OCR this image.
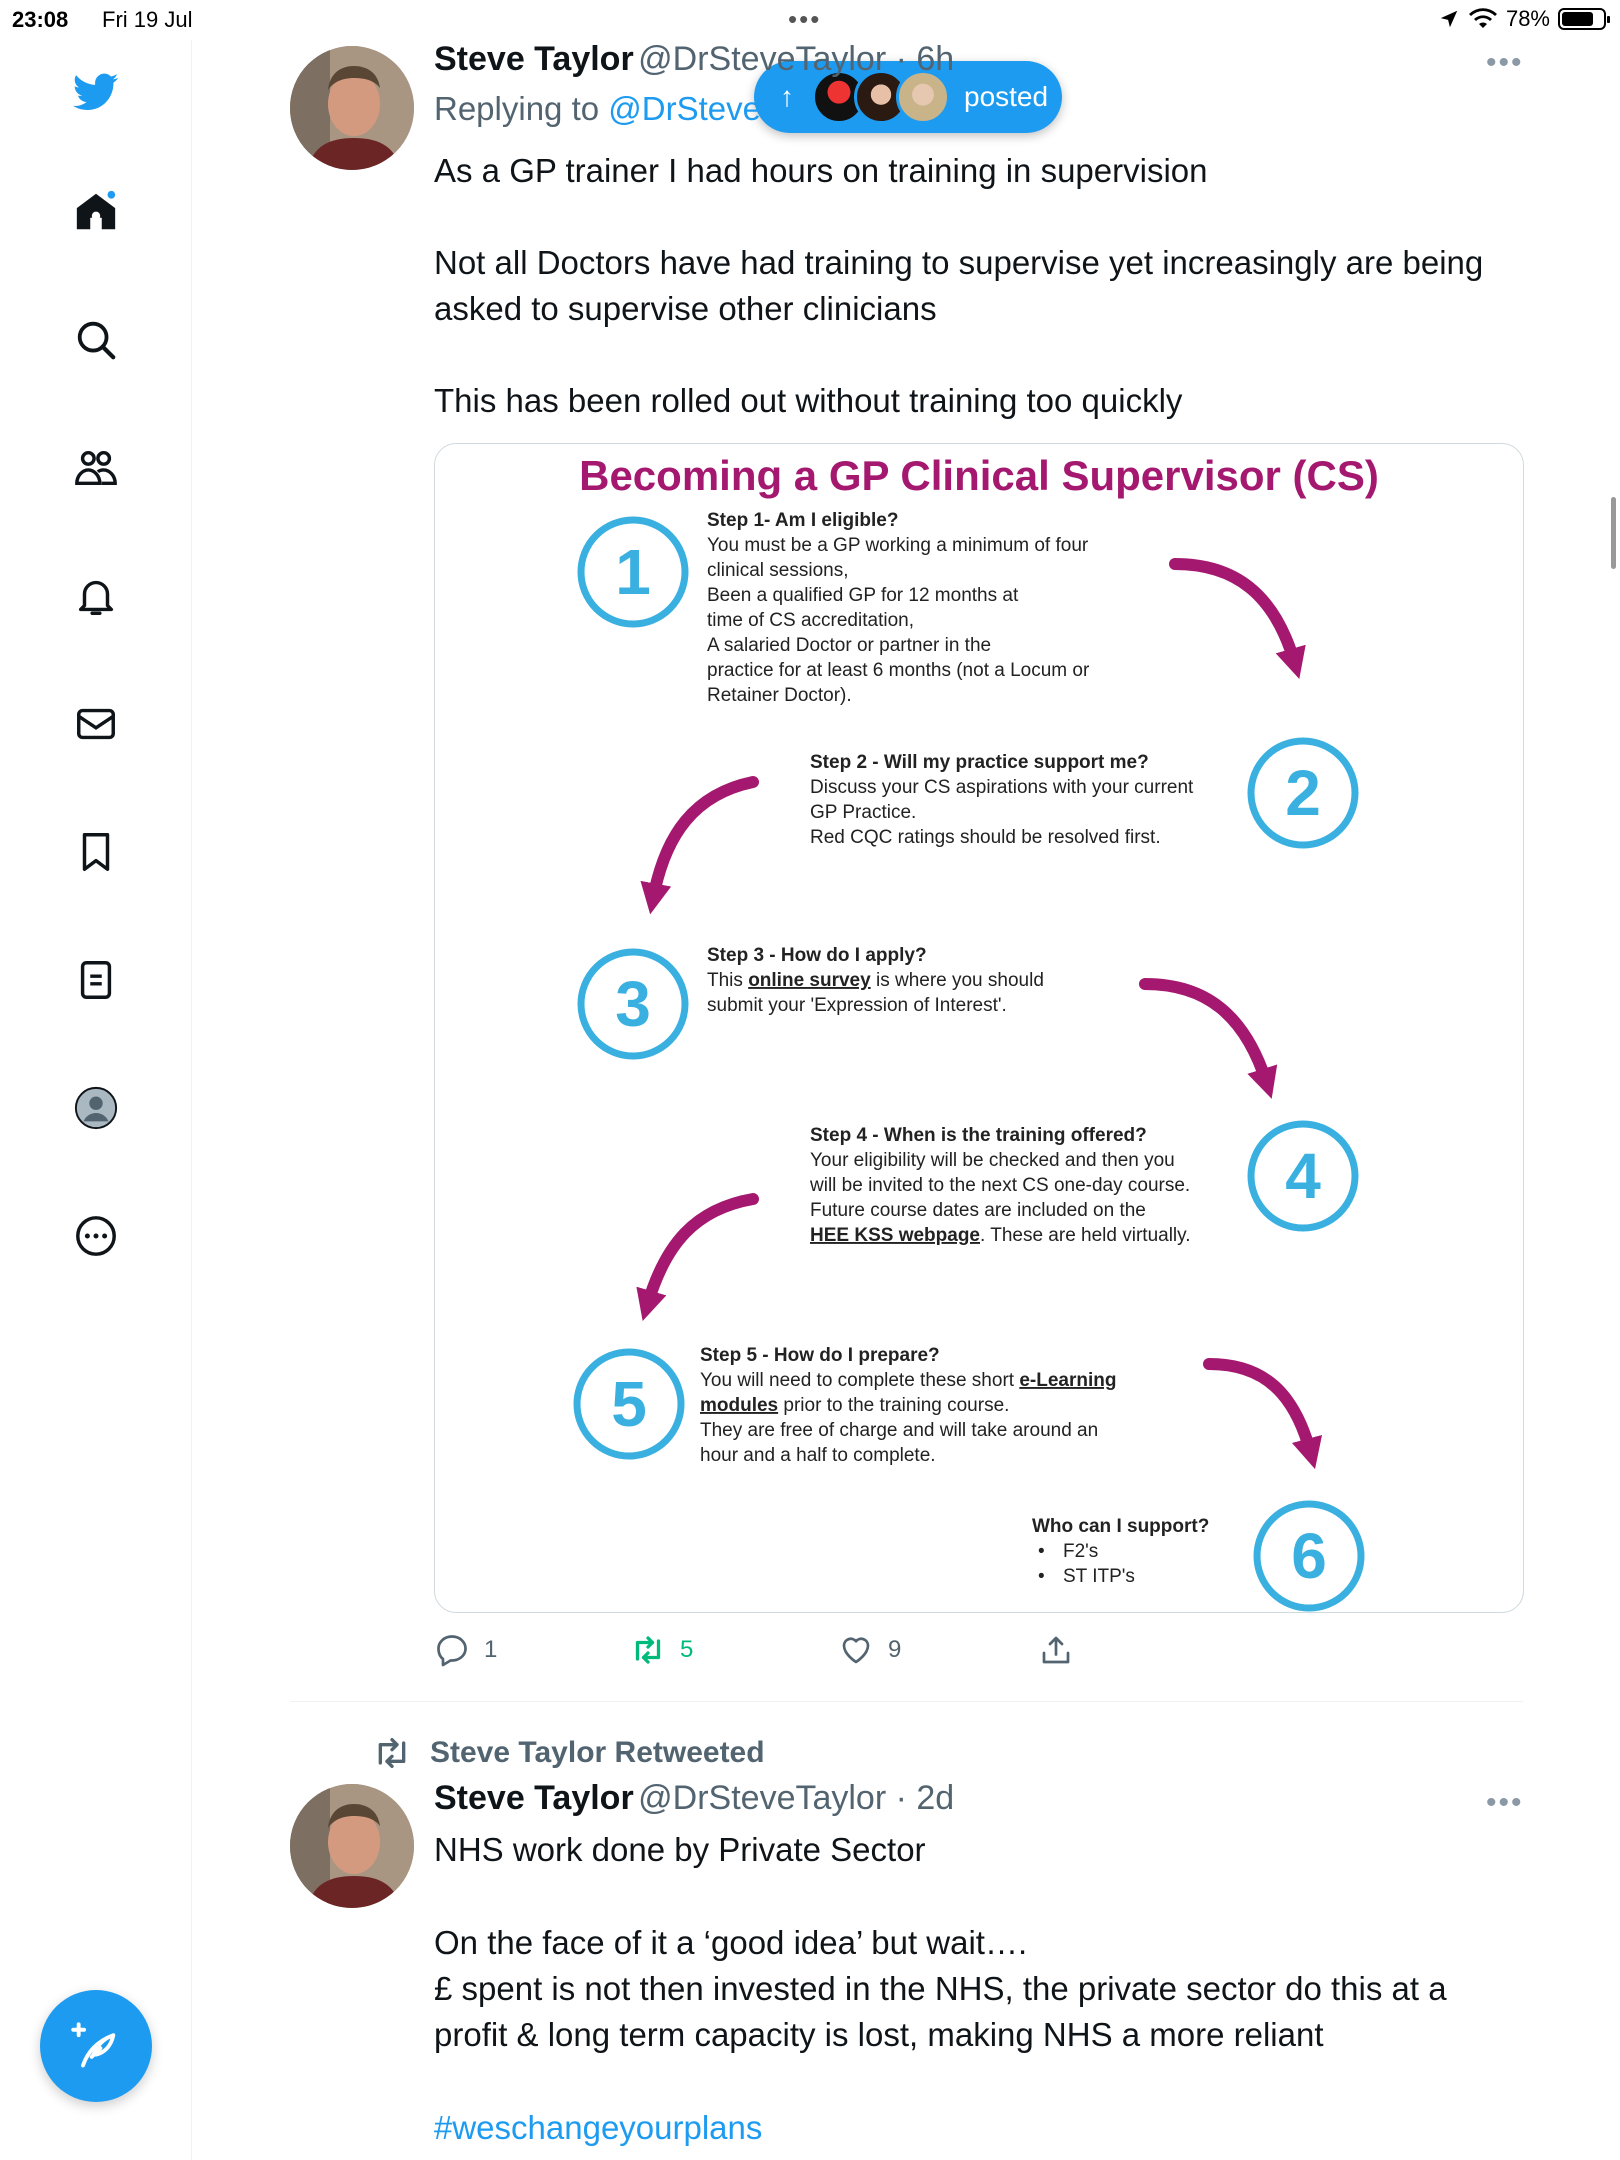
23:08 Fri 19 Jul	•••	78%
↑	posted
Steve Taylor @DrSteveTaylor · 6h
Replying to @DrSteve
•••

As a GP trainer I had hours on training in supervision

Not all Doctors have had training to supervise yet increasingly are being asked to supervise other clinicians

This has been rolled out without training too quickly

Becoming a GP Clinical Supervisor (CS)
1
2
3
4
5
6
Step 1- Am I eligible?
You must be a GP working a minimum of four
clinical sessions,
Been a qualified GP for 12 months at
time of CS accreditation,
A salaried Doctor or partner in the
practice for at least 6 months (not a Locum or
Retainer Doctor).
Step 2 - Will my practice support me?
Discuss your CS aspirations with your current
GP Practice.
Red CQC ratings should be resolved first.
Step 3 - How do I apply?
This online survey is where you should
submit your 'Expression of Interest'.
Step 4 - When is the training offered?
Your eligibility will be checked and then you
will be invited to the next CS one-day course.
Future course dates are included on the
HEE KSS webpage. These are held virtually.
Step 5 - How do I prepare?
You will need to complete these short e-Learning
modules prior to the training course.
They are free of charge and will take around an
hour and a half to complete.
Who can I support?
• F2's
• ST ITP's
1	5	9
Steve Taylor Retweeted
Steve Taylor @DrSteveTaylor · 2d	•••

NHS work done by Private Sector

On the face of it a ‘good idea’ but wait….

£ spent is not then invested in the NHS, the private sector do this at a profit & long term capacity is lost, making NHS a more reliant

#weschangeyourplans
